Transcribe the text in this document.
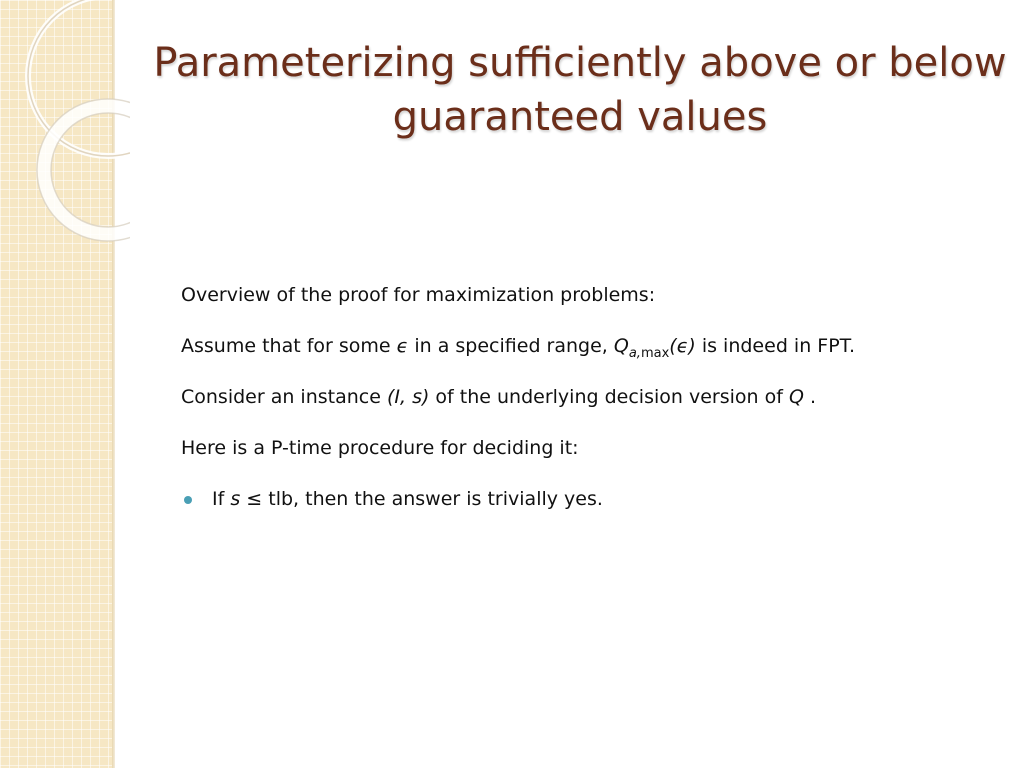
Parameterizing sufficiently above or below guaranteed values
Overview of the proof for maximization problems:
Assume that for some ϵ in a specified range, $Q_{a,max}(\epsilon)$ is indeed in FPT.
Consider an instance (I, s) of the underlying decision version of Q .
Here is a P-time procedure for deciding it:
If s ≤ tlb, then the answer is trivially yes.
